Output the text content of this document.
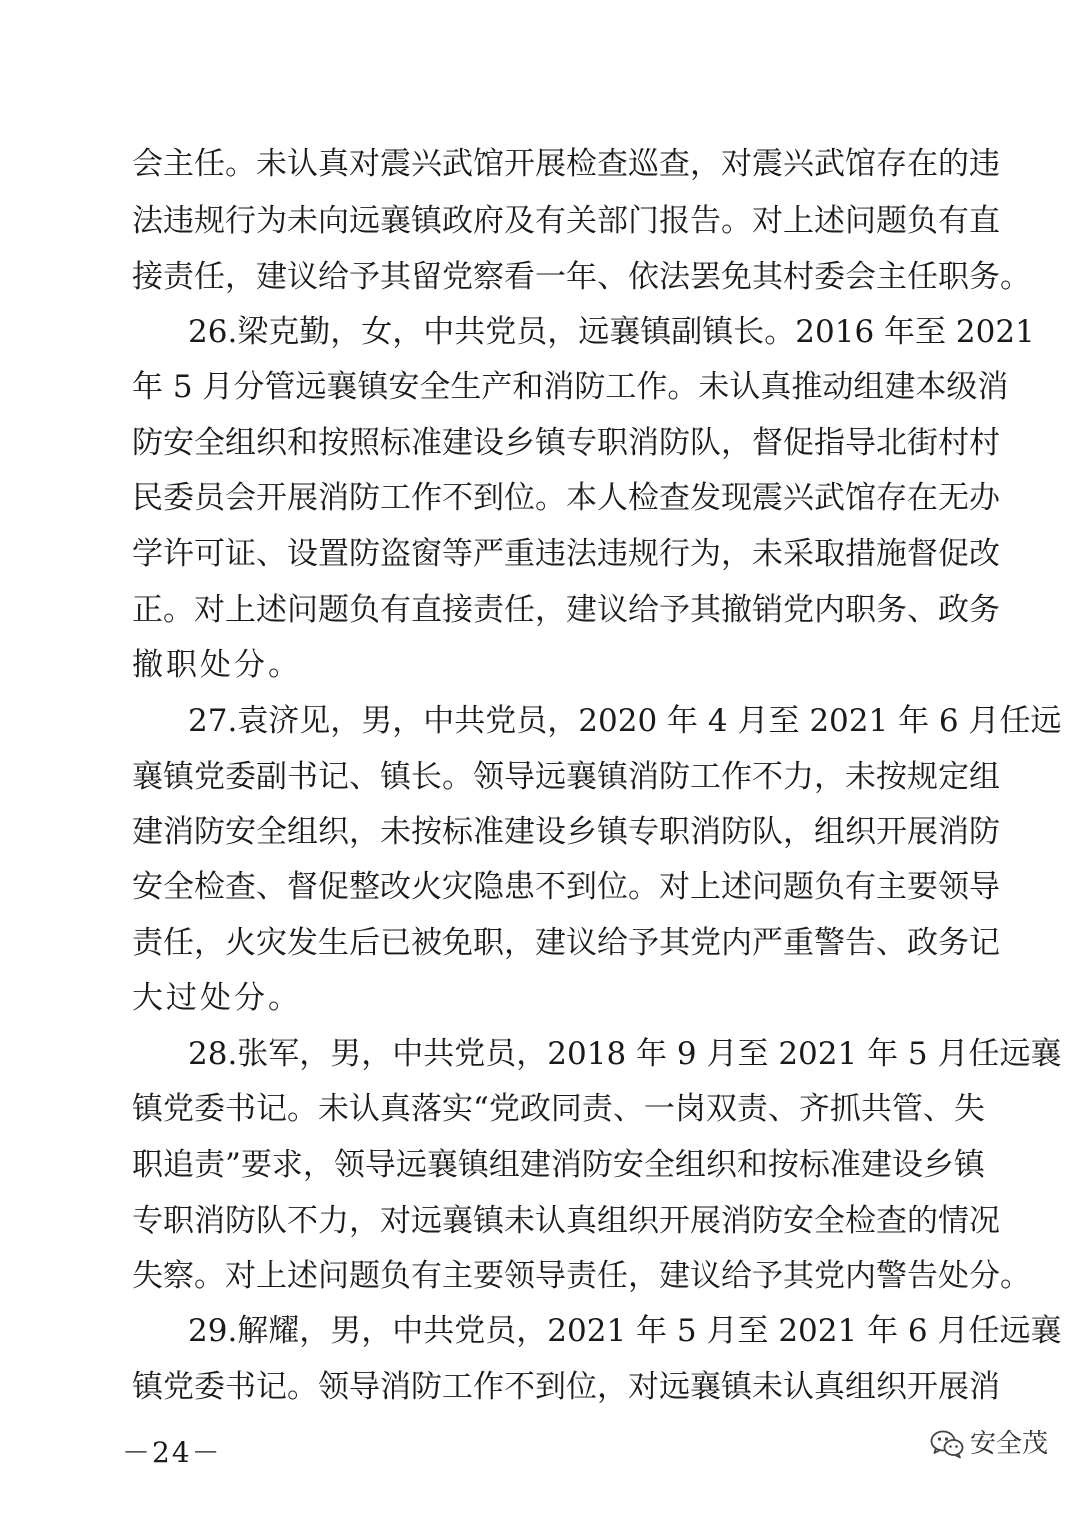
会主任。未认真对震兴武馆开展检查巡查，对震兴武馆存在的违
法违规行为未向远襄镇政府及有关部门报告。对上述问题负有直
接责任，建议给予其留党察看一年、依法罢免其村委会主任职务。
26.梁克勤，女，中共党员，远襄镇副镇长。2016 年至 2021
年 5 月分管远襄镇安全生产和消防工作。未认真推动组建本级消
防安全组织和按照标准建设乡镇专职消防队，督促指导北街村村
民委员会开展消防工作不到位。本人检查发现震兴武馆存在无办
学许可证、设置防盗窗等严重违法违规行为，未采取措施督促改
正。对上述问题负有直接责任，建议给予其撤销党内职务、政务
撤职处分。
27.袁济见，男，中共党员，2020 年 4 月至 2021 年 6 月任远
襄镇党委副书记、镇长。领导远襄镇消防工作不力，未按规定组
建消防安全组织，未按标准建设乡镇专职消防队，组织开展消防
安全检查、督促整改火灾隐患不到位。对上述问题负有主要领导
责任，火灾发生后已被免职，建议给予其党内严重警告、政务记
大过处分。
28.张军，男，中共党员，2018 年 9 月至 2021 年 5 月任远襄
镇党委书记。未认真落实“党政同责、一岗双责、齐抓共管、失
职追责”要求，领导远襄镇组建消防安全组织和按标准建设乡镇
专职消防队不力，对远襄镇未认真组织开展消防安全检查的情况
失察。对上述问题负有主要领导责任，建议给予其党内警告处分。
29.解耀，男，中共党员，2021 年 5 月至 2021 年 6 月任远襄
镇党委书记。领导消防工作不到位，对远襄镇未认真组织开展消
－24－	安全茂
